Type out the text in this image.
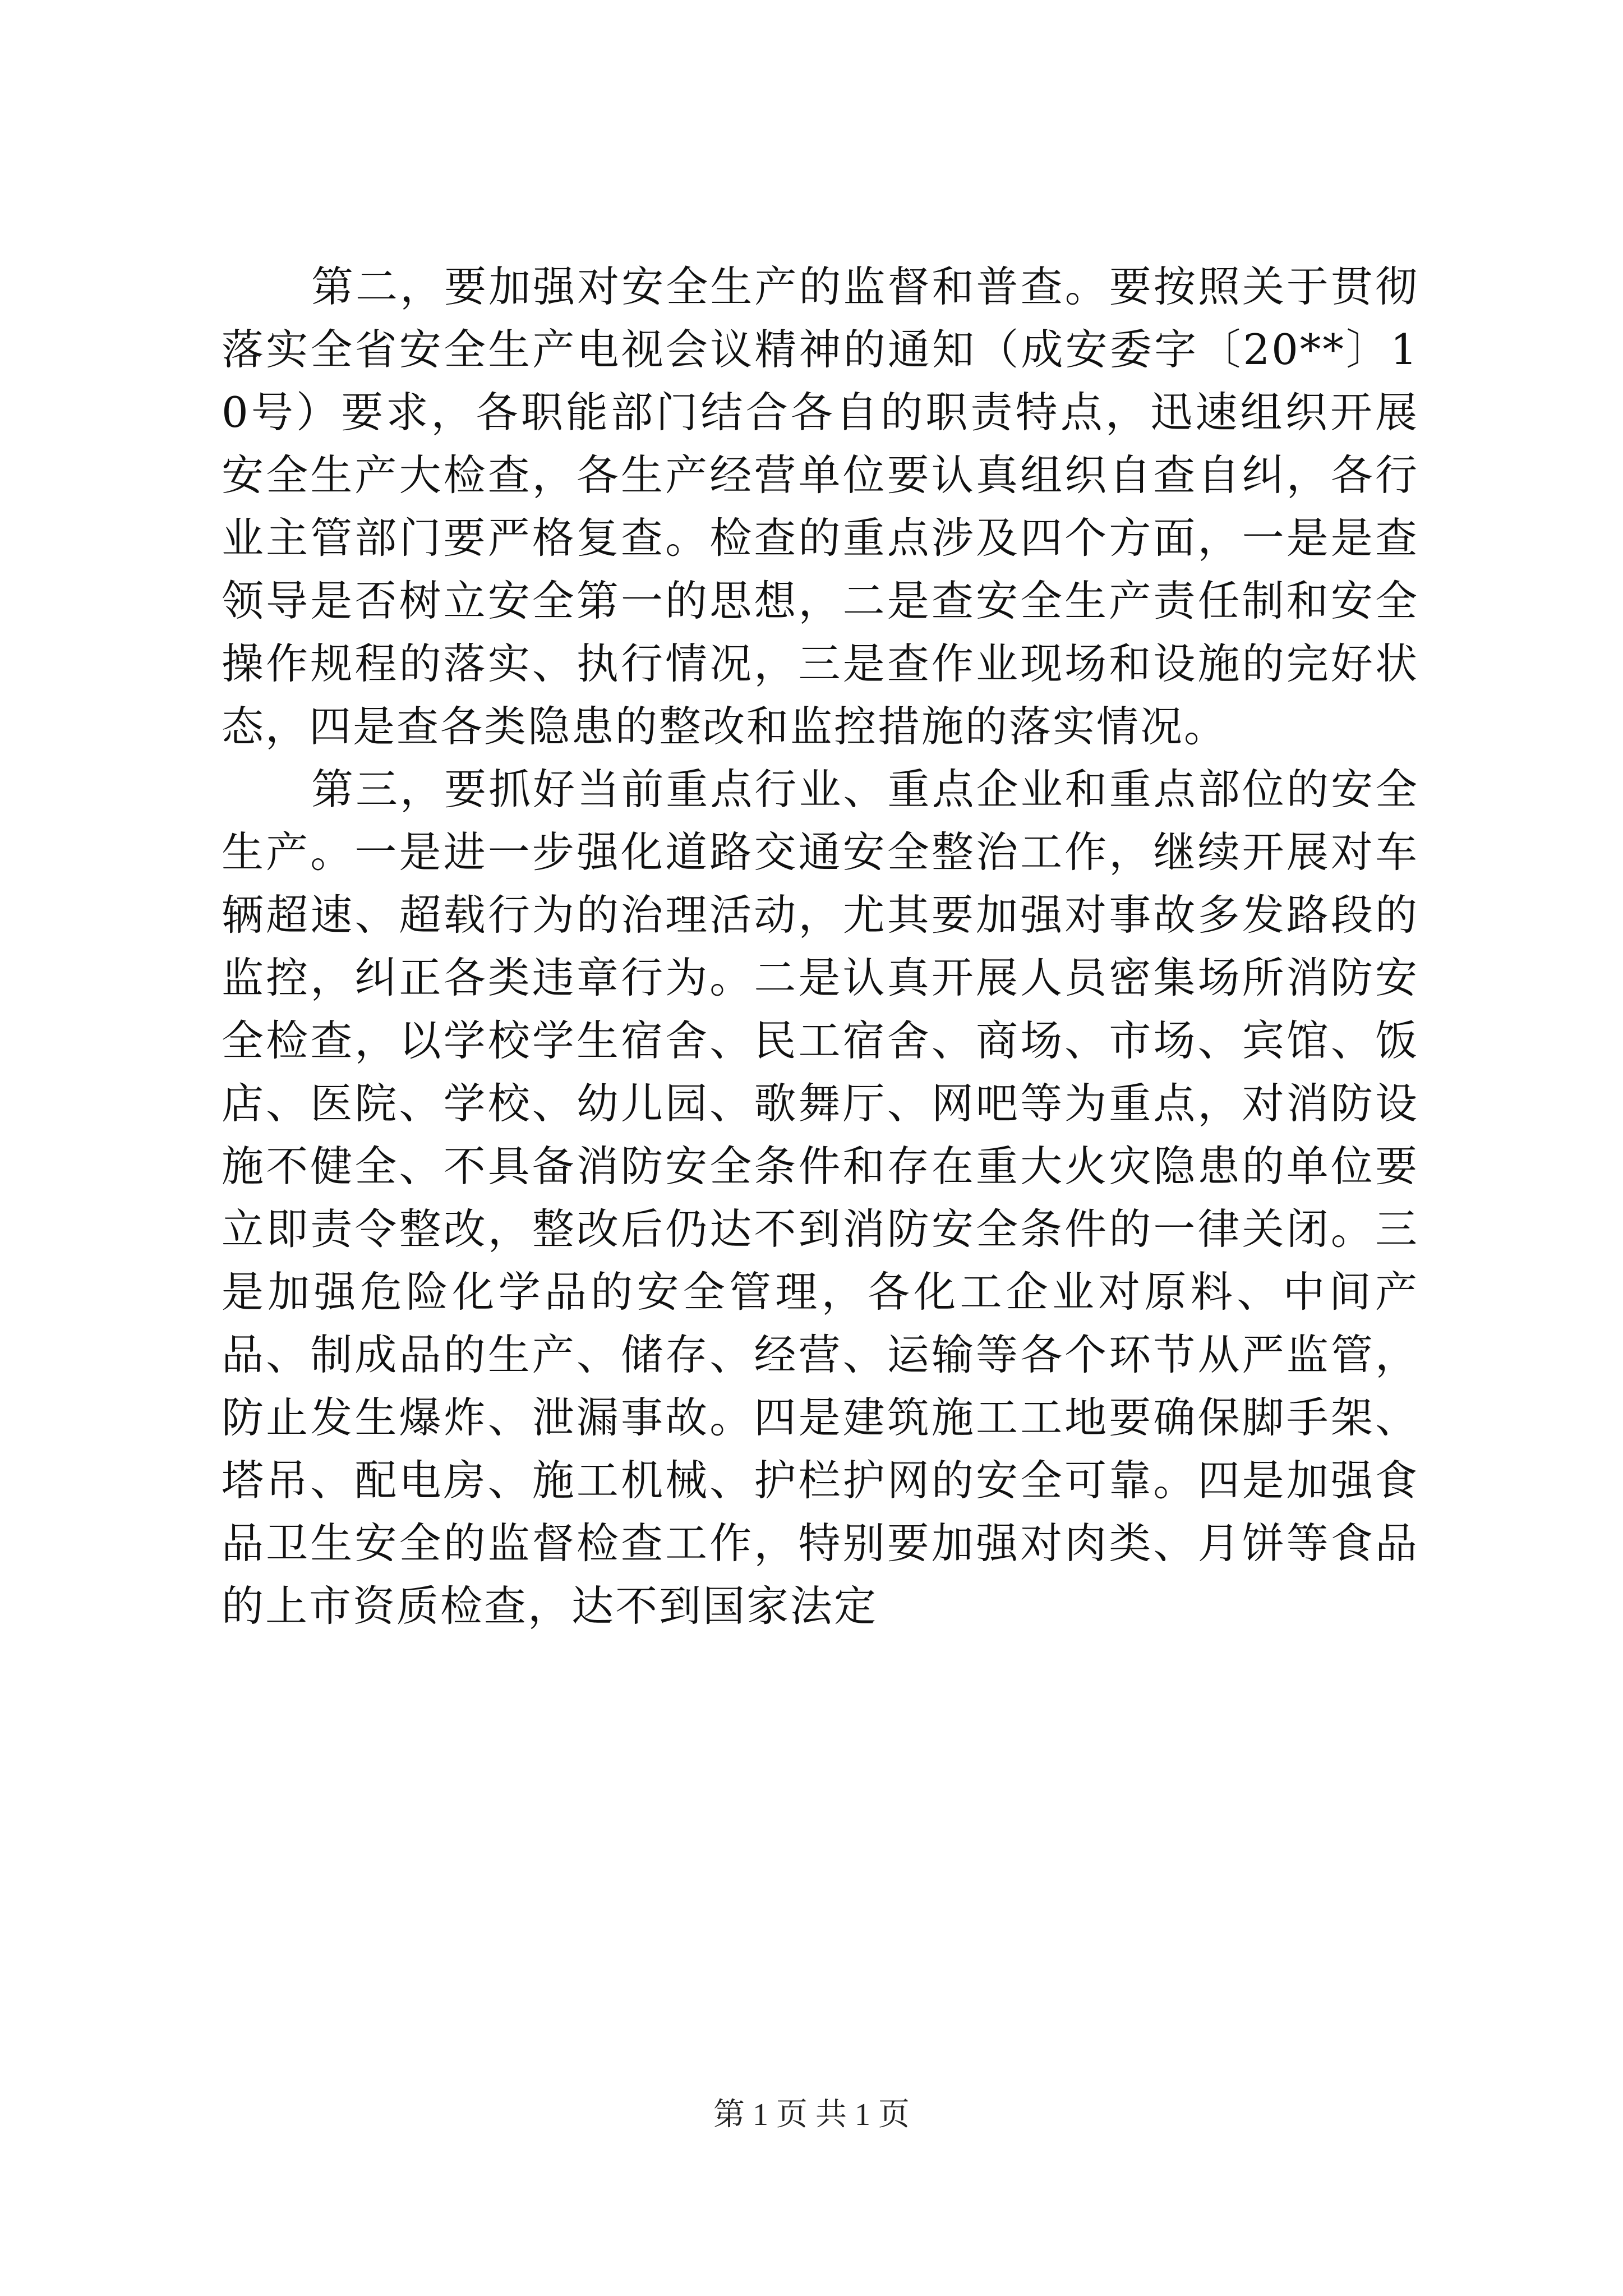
第二，要加强对安全生产的监督和普查。要按照关于贯彻落实全省安全生产电视会议精神的通知（成安委字〔20**〕10号）要求，各职能部门结合各自的职责特点，迅速组织开展安全生产大检查，各生产经营单位要认真组织自查自纠，各行业主管部门要严格复查。检查的重点涉及四个方面，一是是查领导是否树立安全第一的思想，二是查安全生产责任制和安全操作规程的落实、执行情况，三是查作业现场和设施的完好状态，四是查各类隐患的整改和监控措施的落实情况。

第三，要抓好当前重点行业、重点企业和重点部位的安全生产。一是进一步强化道路交通安全整治工作，继续开展对车辆超速、超载行为的治理活动，尤其要加强对事故多发路段的监控，纠正各类违章行为。二是认真开展人员密集场所消防安全检查，以学校学生宿舍、民工宿舍、商场、市场、宾馆、饭店、医院、学校、幼儿园、歌舞厅、网吧等为重点，对消防设施不健全、不具备消防安全条件和存在重大火灾隐患的单位要立即责令整改，整改后仍达不到消防安全条件的一律关闭。三是加强危险化学品的安全管理，各化工企业对原料、中间产品、制成品的生产、储存、经营、运输等各个环节从严监管，防止发生爆炸、泄漏事故。四是建筑施工工地要确保脚手架、塔吊、配电房、施工机械、护栏护网的安全可靠。四是加强食品卫生安全的监督检查工作，特别要加强对肉类、月饼等食品的上市资质检查，达不到国家法定

第 1 页 共 1 页
